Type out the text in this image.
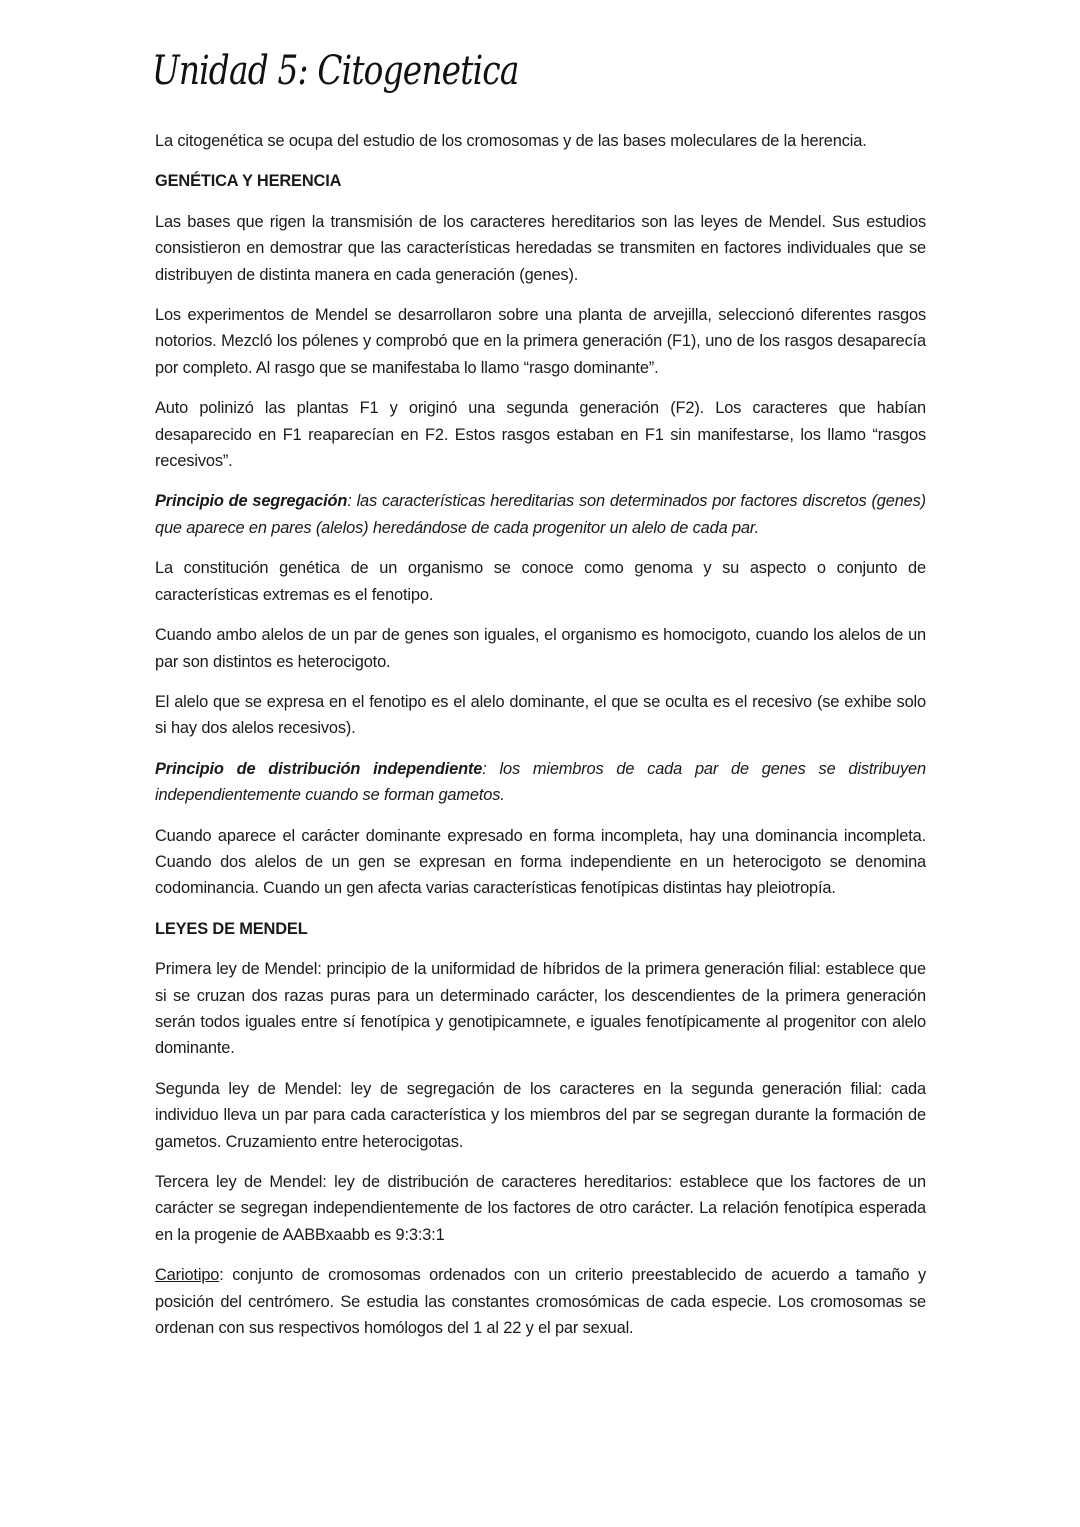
Unidad 5: Citogenetica

La citogenética se ocupa del estudio de los cromosomas y de las bases moleculares de la herencia.

GENÉTICA Y HERENCIA

Las bases que rigen la transmisión de los caracteres hereditarios son las leyes de Mendel. Sus estudios consistieron en demostrar que las características heredadas se transmiten en factores individuales que se distribuyen de distinta manera en cada generación (genes).

Los experimentos de Mendel se desarrollaron sobre una planta de arvejilla, seleccionó diferentes rasgos notorios. Mezcló los pólenes y comprobó que en la primera generación (F1), uno de los rasgos desaparecía por completo. Al rasgo que se manifestaba lo llamo “rasgo dominante”.

Auto polinizó las plantas F1 y originó una segunda generación (F2). Los caracteres que habían desaparecido en F1 reaparecían en F2. Estos rasgos estaban en F1 sin manifestarse, los llamo “rasgos recesivos”.

Principio de segregación: las características hereditarias son determinados por factores discretos (genes) que aparece en pares (alelos) heredándose de cada progenitor un alelo de cada par.

La constitución genética de un organismo se conoce como genoma y su aspecto o conjunto de características extremas es el fenotipo.

Cuando ambo alelos de un par de genes son iguales, el organismo es homocigoto, cuando los alelos de un par son distintos es heterocigoto.

El alelo que se expresa en el fenotipo es el alelo dominante, el que se oculta es el recesivo (se exhibe solo si hay dos alelos recesivos).

Principio de distribución independiente: los miembros de cada par de genes se distribuyen independientemente cuando se forman gametos.

Cuando aparece el carácter dominante expresado en forma incompleta, hay una dominancia incompleta. Cuando dos alelos de un gen se expresan en forma independiente en un heterocigoto se denomina codominancia. Cuando un gen afecta varias características fenotípicas distintas hay pleiotropía.

LEYES DE MENDEL

Primera ley de Mendel: principio de la uniformidad de híbridos de la primera generación filial: establece que si se cruzan dos razas puras para un determinado carácter, los descendientes de la primera generación serán todos iguales entre sí fenotípica y genotipicamnete, e iguales fenotípicamente al progenitor con alelo dominante.

Segunda ley de Mendel: ley de segregación de los caracteres en la segunda generación filial: cada individuo lleva un par para cada característica y los miembros del par se segregan durante la formación de gametos. Cruzamiento entre heterocigotas.

Tercera ley de Mendel: ley de distribución de caracteres hereditarios: establece que los factores de un carácter se segregan independientemente de los factores de otro carácter. La relación fenotípica esperada en la progenie de AABBxaabb es 9:3:3:1

Cariotipo: conjunto de cromosomas ordenados con un criterio preestablecido de acuerdo a tamaño y posición del centrómero. Se estudia las constantes cromosómicas de cada especie. Los cromosomas se ordenan con sus respectivos homólogos del 1 al 22 y el par sexual.
